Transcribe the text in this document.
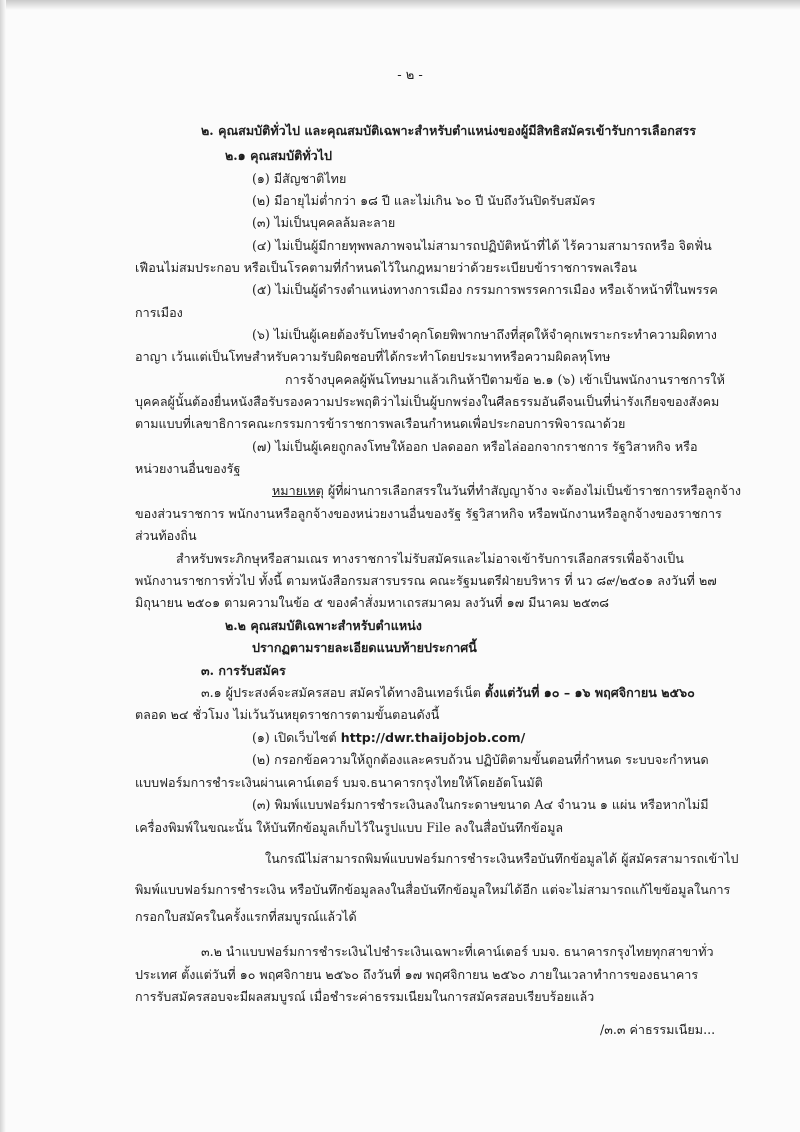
- ๒ -
๒. คุณสมบัติทั่วไป และคุณสมบัติเฉพาะสำหรับตำแหน่งของผู้มีสิทธิสมัครเข้ารับการเลือกสรร
๒.๑ คุณสมบัติทั่วไป
(๑) มีสัญชาติไทย
(๒) มีอายุไม่ต่ำกว่า ๑๘ ปี และไม่เกิน ๖๐ ปี นับถึงวันปิดรับสมัคร
(๓) ไม่เป็นบุคคลล้มละลาย
(๔) ไม่เป็นผู้มีกายทุพพลภาพจนไม่สามารถปฏิบัติหน้าที่ได้ ไร้ความสามารถหรือ จิตฟั่น
เฟือนไม่สมประกอบ หรือเป็นโรคตามที่กำหนดไว้ในกฎหมายว่าด้วยระเบียบข้าราชการพลเรือน
(๕) ไม่เป็นผู้ดำรงตำแหน่งทางการเมือง กรรมการพรรคการเมือง หรือเจ้าหน้าที่ในพรรค
การเมือง
(๖) ไม่เป็นผู้เคยต้องรับโทษจำคุกโดยพิพากษาถึงที่สุดให้จำคุกเพราะกระทำความผิดทาง
อาญา เว้นแต่เป็นโทษสำหรับความรับผิดชอบที่ได้กระทำโดยประมาทหรือความผิดลหุโทษ
การจ้างบุคคลผู้พ้นโทษมาแล้วเกินห้าปีตามข้อ ๒.๑ (๖) เข้าเป็นพนักงานราชการให้
บุคคลผู้นั้นต้องยื่นหนังสือรับรองความประพฤติว่าไม่เป็นผู้บกพร่องในศีลธรรมอันดีจนเป็นที่น่ารังเกียจของสังคม
ตามแบบที่เลขาธิการคณะกรรมการข้าราชการพลเรือนกำหนดเพื่อประกอบการพิจารณาด้วย
(๗) ไม่เป็นผู้เคยถูกลงโทษให้ออก ปลดออก หรือไล่ออกจากราชการ รัฐวิสาหกิจ หรือ
หน่วยงานอื่นของรัฐ
หมายเหตุ ผู้ที่ผ่านการเลือกสรรในวันที่ทำสัญญาจ้าง จะต้องไม่เป็นข้าราชการหรือลูกจ้าง
ของส่วนราชการ พนักงานหรือลูกจ้างของหน่วยงานอื่นของรัฐ รัฐวิสาหกิจ หรือพนักงานหรือลูกจ้างของราชการ
ส่วนท้องถิ่น
สำหรับพระภิกษุหรือสามเณร ทางราชการไม่รับสมัครและไม่อาจเข้ารับการเลือกสรรเพื่อจ้างเป็น
พนักงานราชการทั่วไป ทั้งนี้ ตามหนังสือกรมสารบรรณ คณะรัฐมนตรีฝ่ายบริหาร ที่ นว ๘๙/๒๕๐๑ ลงวันที่ ๒๗
มิถุนายน ๒๕๐๑ ตามความในข้อ ๕ ของคำสั่งมหาเถรสมาคม ลงวันที่ ๑๗ มีนาคม ๒๕๓๘
๒.๒ คุณสมบัติเฉพาะสำหรับตำแหน่ง
ปรากฏตามรายละเอียดแนบท้ายประกาศนี้
๓. การรับสมัคร
๓.๑ ผู้ประสงค์จะสมัครสอบ สมัครได้ทางอินเทอร์เน็ต ตั้งแต่วันที่ ๑๐ – ๑๖ พฤศจิกายน ๒๕๖๐
ตลอด ๒๔ ชั่วโมง ไม่เว้นวันหยุดราชการตามขั้นตอนดังนี้
(๑) เปิดเว็บไซต์ http://dwr.thaijobjob.com/
(๒) กรอกข้อความให้ถูกต้องและครบถ้วน ปฏิบัติตามขั้นตอนที่กำหนด ระบบจะกำหนด
แบบฟอร์มการชำระเงินผ่านเคาน์เตอร์ บมจ.ธนาคารกรุงไทยให้โดยอัตโนมัติ
(๓) พิมพ์แบบฟอร์มการชำระเงินลงในกระดาษขนาด A๔ จำนวน ๑ แผ่น หรือหากไม่มี
เครื่องพิมพ์ในขณะนั้น ให้บันทึกข้อมูลเก็บไว้ในรูปแบบ File ลงในสื่อบันทึกข้อมูล
ในกรณีไม่สามารถพิมพ์แบบฟอร์มการชำระเงินหรือบันทึกข้อมูลได้ ผู้สมัครสามารถเข้าไป
พิมพ์แบบฟอร์มการชำระเงิน หรือบันทึกข้อมูลลงในสื่อบันทึกข้อมูลใหม่ได้อีก แต่จะไม่สามารถแก้ไขข้อมูลในการ
กรอกใบสมัครในครั้งแรกที่สมบูรณ์แล้วได้
๓.๒ นำแบบฟอร์มการชำระเงินไปชำระเงินเฉพาะที่เคาน์เตอร์ บมจ. ธนาคารกรุงไทยทุกสาขาทั่ว
ประเทศ ตั้งแต่วันที่ ๑๐ พฤศจิกายน ๒๕๖๐ ถึงวันที่ ๑๗ พฤศจิกายน ๒๕๖๐ ภายในเวลาทำการของธนาคาร
การรับสมัครสอบจะมีผลสมบูรณ์ เมื่อชำระค่าธรรมเนียมในการสมัครสอบเรียบร้อยแล้ว
/๓.๓ ค่าธรรมเนียม...
